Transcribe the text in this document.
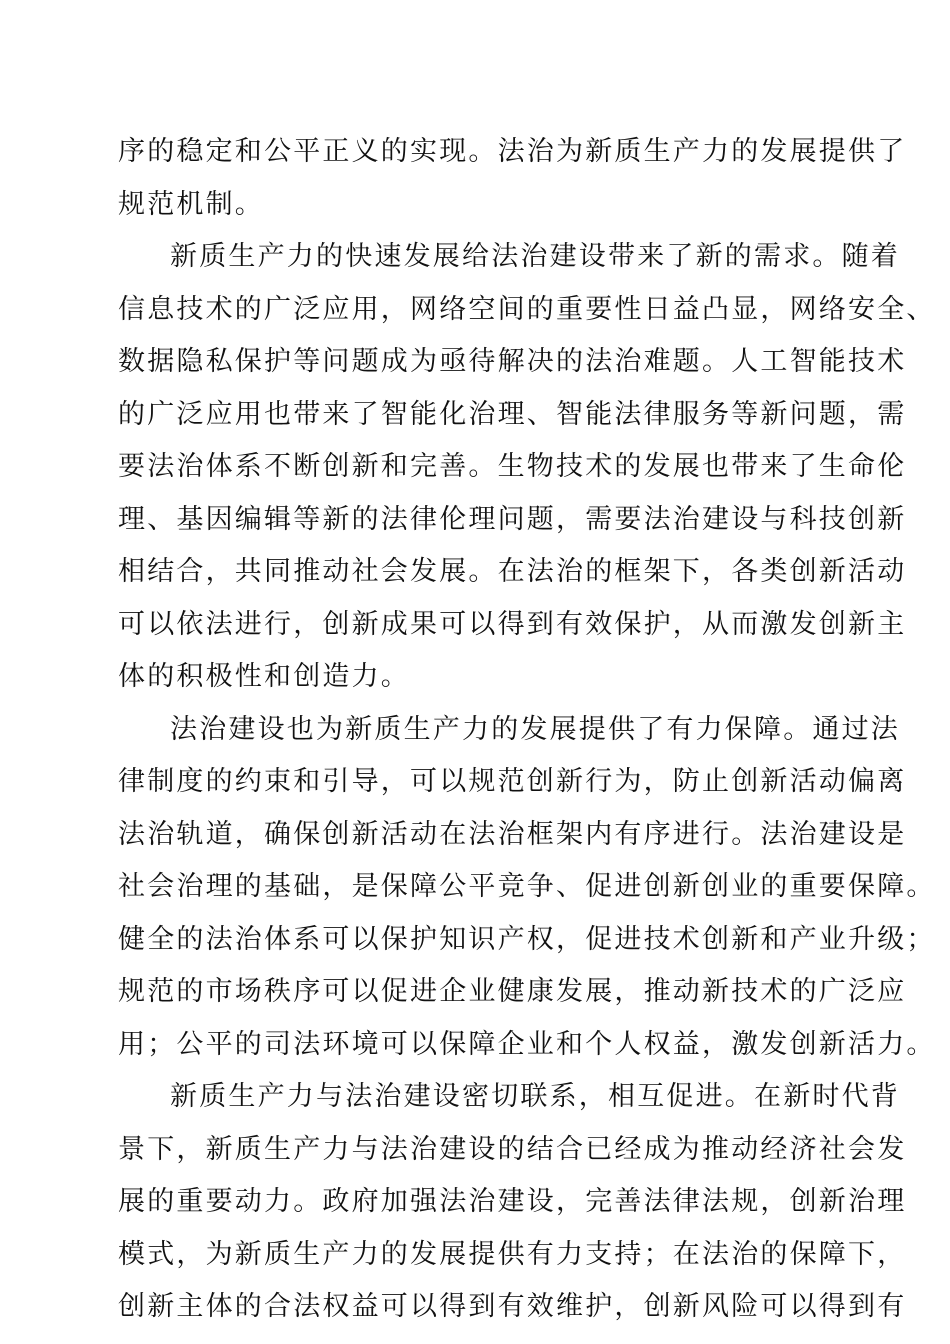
序的稳定和公平正义的实现。法治为新质生产力的发展提供了
规范机制。
新质生产力的快速发展给法治建设带来了新的需求。随着
信息技术的广泛应用，网络空间的重要性日益凸显，网络安全、
数据隐私保护等问题成为亟待解决的法治难题。人工智能技术
的广泛应用也带来了智能化治理、智能法律服务等新问题，需
要法治体系不断创新和完善。生物技术的发展也带来了生命伦
理、基因编辑等新的法律伦理问题，需要法治建设与科技创新
相结合，共同推动社会发展。在法治的框架下，各类创新活动
可以依法进行，创新成果可以得到有效保护，从而激发创新主
体的积极性和创造力。
法治建设也为新质生产力的发展提供了有力保障。通过法
律制度的约束和引导，可以规范创新行为，防止创新活动偏离
法治轨道，确保创新活动在法治框架内有序进行。法治建设是
社会治理的基础，是保障公平竞争、促进创新创业的重要保障。
健全的法治体系可以保护知识产权，促进技术创新和产业升级；
规范的市场秩序可以促进企业健康发展，推动新技术的广泛应
用；公平的司法环境可以保障企业和个人权益，激发创新活力。
新质生产力与法治建设密切联系，相互促进。在新时代背
景下，新质生产力与法治建设的结合已经成为推动经济社会发
展的重要动力。政府加强法治建设，完善法律法规，创新治理
模式，为新质生产力的发展提供有力支持；在法治的保障下，
创新主体的合法权益可以得到有效维护，创新风险可以得到有
